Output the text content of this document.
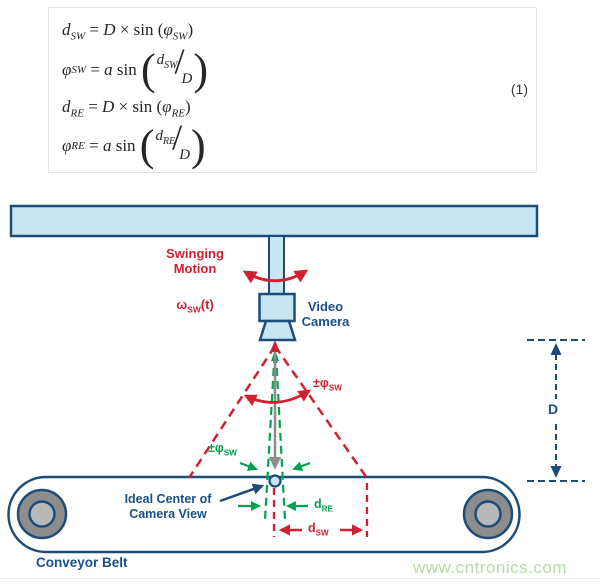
$d_{SW} = D \times \sin (\varphi_{SW})$
φ SW = a sin ( $d_{SW}/D$ )
$d_{RE} = D \times \sin (\varphi_{RE})$
φ RE = a sin ( $d_{RE}/D$ )
(1)
Swinging
Motion
$\omega_{SW}(t)$	Video
Camera
$\pm\varphi_{SW}$
$\pm\varphi_{SW}$
Ideal Center of
Camera View
$d_{RE}$
$d_{SW}$
D
Conveyor Belt	www.cntronics.com
